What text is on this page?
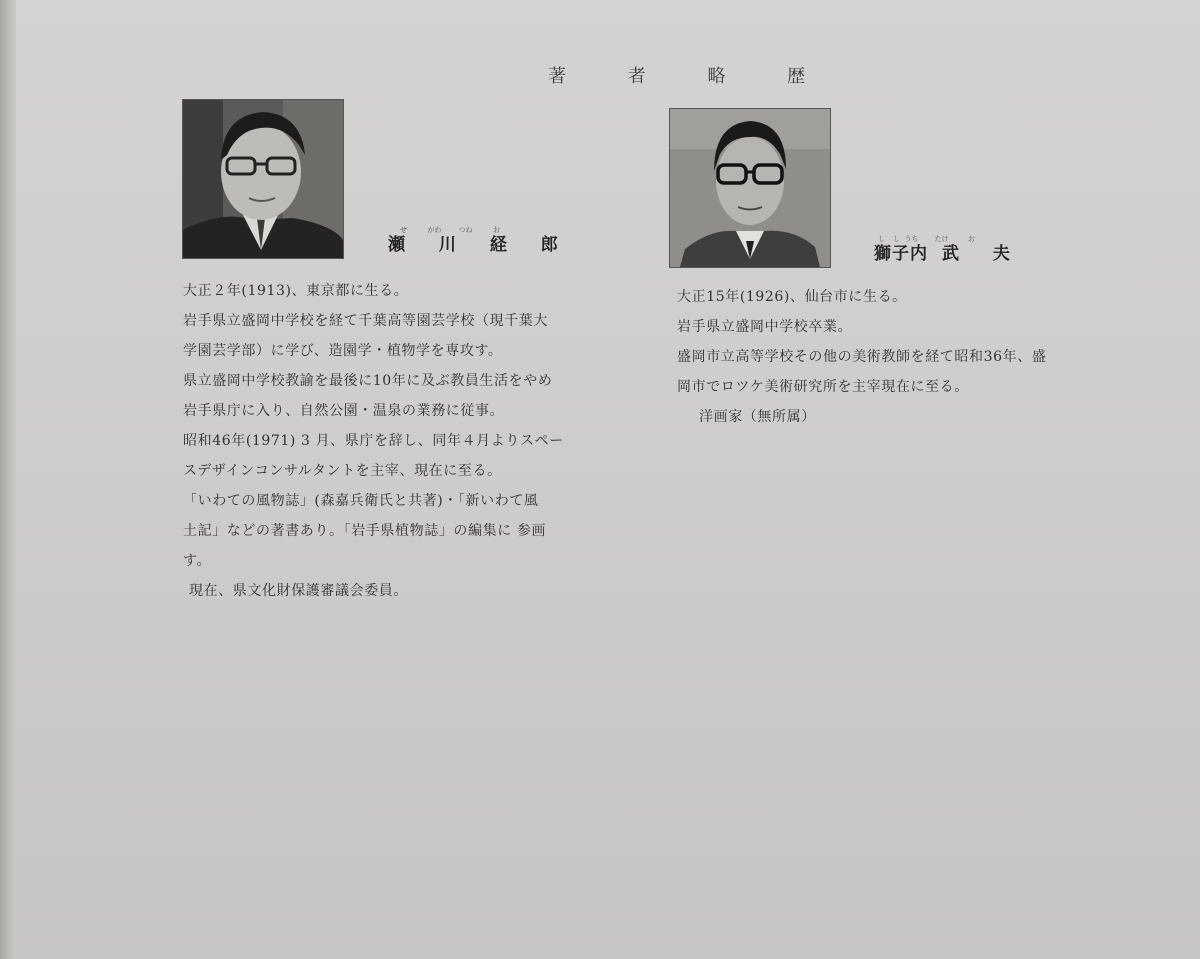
著 者 略 歴
せ	がわ	つね	お
瀬 川 経 郎	し	し うち たけ	お
獅子内 武 夫

大正２年(1913)、東京都に生る。

岩手県立盛岡中学校を経て千葉高等園芸学校（現千葉大

学園芸学部）に学び、造園学・植物学を専攻す。

県立盛岡中学校教諭を最後に10年に及ぶ教員生活をやめ

岩手県庁に入り、自然公園・温泉の業務に従事。

昭和46年(1971) 3 月、県庁を辞し、同年４月よりスペー

スデザインコンサルタントを主宰、現在に至る。

「いわての風物誌」(森嘉兵衛氏と共著)・「新いわて風

土記」などの著書あり。「岩手県植物誌」の編集に 参画

す。

現在、県文化財保護審議会委員。

大正15年(1926)、仙台市に生る。

岩手県立盛岡中学校卒業。

盛岡市立高等学校その他の美術教師を経て昭和36年、盛

岡市でロツケ美術研究所を主宰現在に至る。

洋画家（無所属）
